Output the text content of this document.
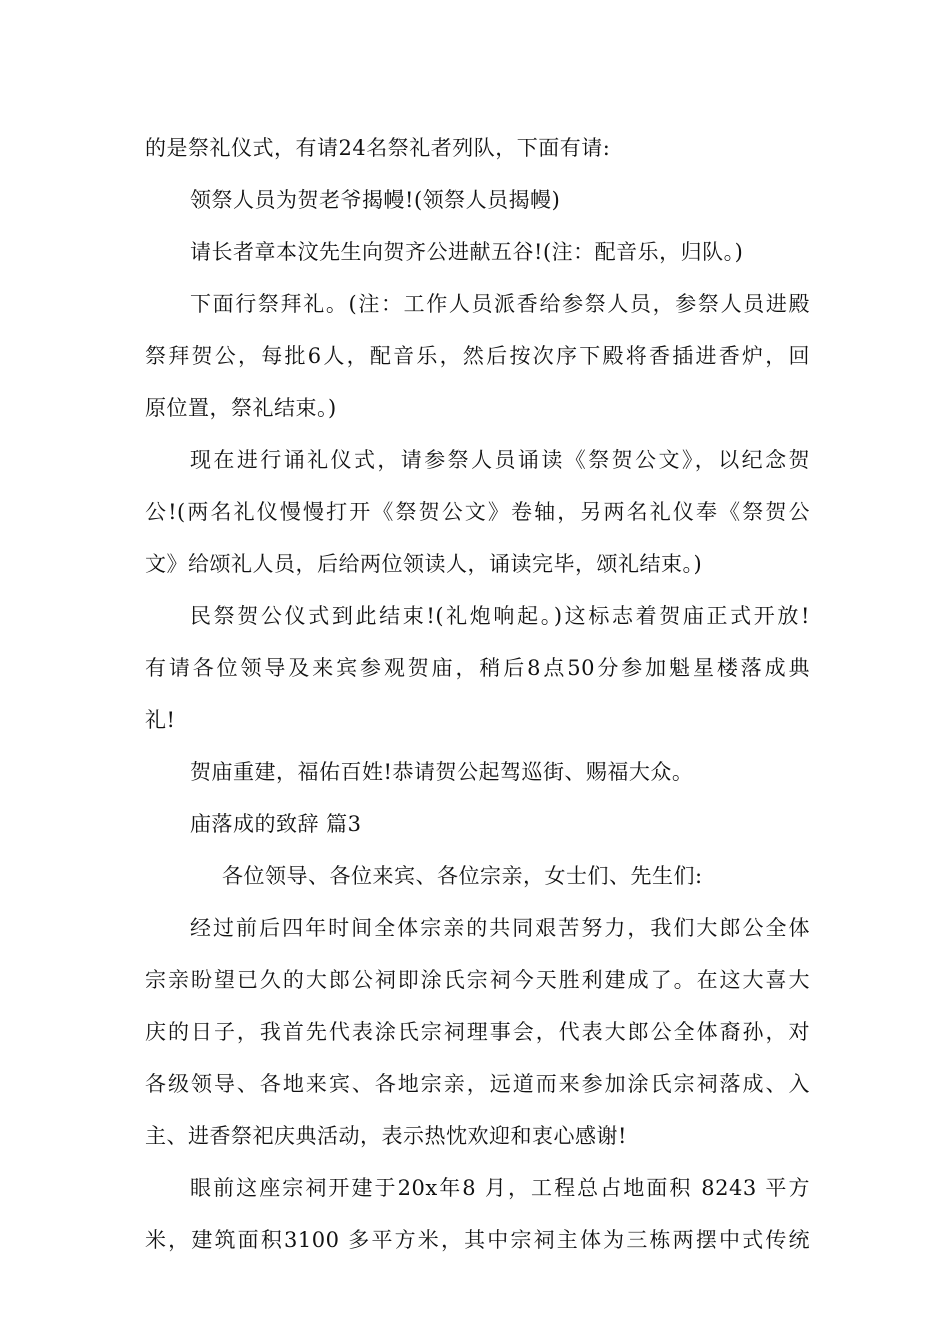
的是祭礼仪式，有请24名祭礼者列队，下面有请:
领祭人员为贺老爷揭幔!(领祭人员揭幔)
请长者章本汶先生向贺齐公进献五谷!(注：配音乐，归队。)
下面行祭拜礼。(注：工作人员派香给参祭人员，参祭人员进殿
祭拜贺公，每批6人，配音乐，然后按次序下殿将香插进香炉，回
原位置，祭礼结束。)
现在进行诵礼仪式，请参祭人员诵读《祭贺公文》，以纪念贺
公!(两名礼仪慢慢打开《祭贺公文》卷轴，另两名礼仪奉《祭贺公
文》给颂礼人员，后给两位领读人，诵读完毕，颂礼结束。)
民祭贺公仪式到此结束!(礼炮响起。)这标志着贺庙正式开放!
有请各位领导及来宾参观贺庙，稍后8点50分参加魁星楼落成典
礼!
贺庙重建，福佑百姓!恭请贺公起驾巡街、赐福大众。
庙落成的致辞 篇3
各位领导、各位来宾、各位宗亲，女士们、先生们:
经过前后四年时间全体宗亲的共同艰苦努力，我们大郎公全体
宗亲盼望已久的大郎公祠即涂氏宗祠今天胜利建成了。在这大喜大
庆的日子，我首先代表涂氏宗祠理事会，代表大郎公全体裔孙，对
各级领导、各地来宾、各地宗亲，远道而来参加涂氏宗祠落成、入
主、进香祭祀庆典活动，表示热忱欢迎和衷心感谢!
眼前这座宗祠开建于20x年8 月，工程总占地面积 8243 平方
米，建筑面积3100 多平方米，其中宗祠主体为三栋两摆中式传统
